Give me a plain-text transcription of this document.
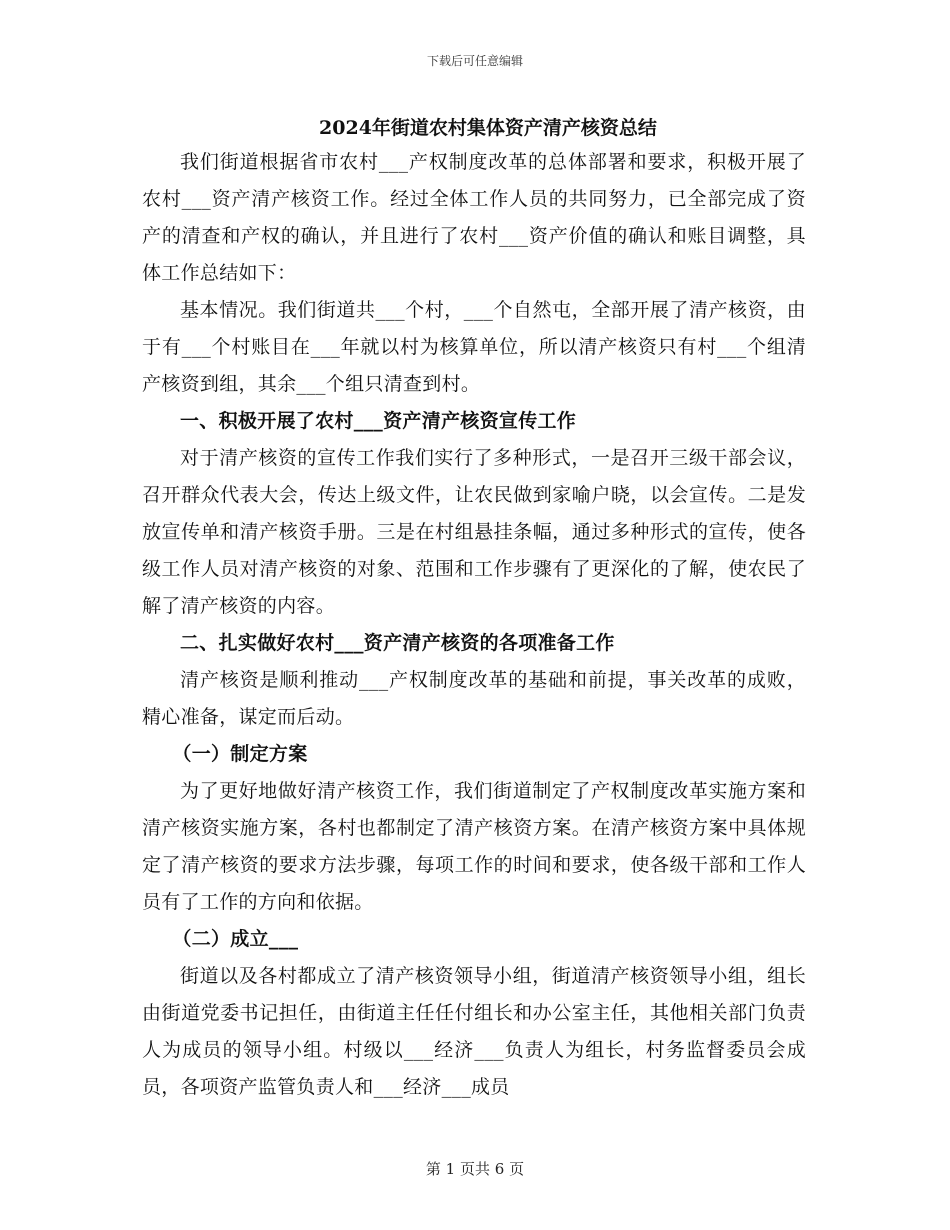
下载后可任意编辑
2024年街道农村集体资产清产核资总结

我们街道根据省市农村___产权制度改革的总体部署和要求，积极开展了农村___资产清产核资工作。经过全体工作人员的共同努力，已全部完成了资产的清查和产权的确认，并且进行了农村___资产价值的确认和账目调整，具体工作总结如下：

基本情况。我们街道共___个村，___个自然屯，全部开展了清产核资，由于有___个村账目在___年就以村为核算单位，所以清产核资只有村___个组清产核资到组，其余___个组只清查到村。

一、积极开展了农村___资产清产核资宣传工作

对于清产核资的宣传工作我们实行了多种形式，一是召开三级干部会议，召开群众代表大会，传达上级文件，让农民做到家喻户晓，以会宣传。二是发放宣传单和清产核资手册。三是在村组悬挂条幅，通过多种形式的宣传，使各级工作人员对清产核资的对象、范围和工作步骤有了更深化的了解，使农民了解了清产核资的内容。

二、扎实做好农村___资产清产核资的各项准备工作

清产核资是顺利推动___产权制度改革的基础和前提，事关改革的成败，精心准备，谋定而后动。

（一）制定方案

为了更好地做好清产核资工作，我们街道制定了产权制度改革实施方案和清产核资实施方案，各村也都制定了清产核资方案。在清产核资方案中具体规定了清产核资的要求方法步骤，每项工作的时间和要求，使各级干部和工作人员有了工作的方向和依据。

（二）成立___

街道以及各村都成立了清产核资领导小组，街道清产核资领导小组，组长由街道党委书记担任，由街道主任任付组长和办公室主任，其他相关部门负责人为成员的领导小组。村级以___经济___负责人为组长，村务监督委员会成员，各项资产监管负责人和___经济___成员

第 1 页共 6 页
